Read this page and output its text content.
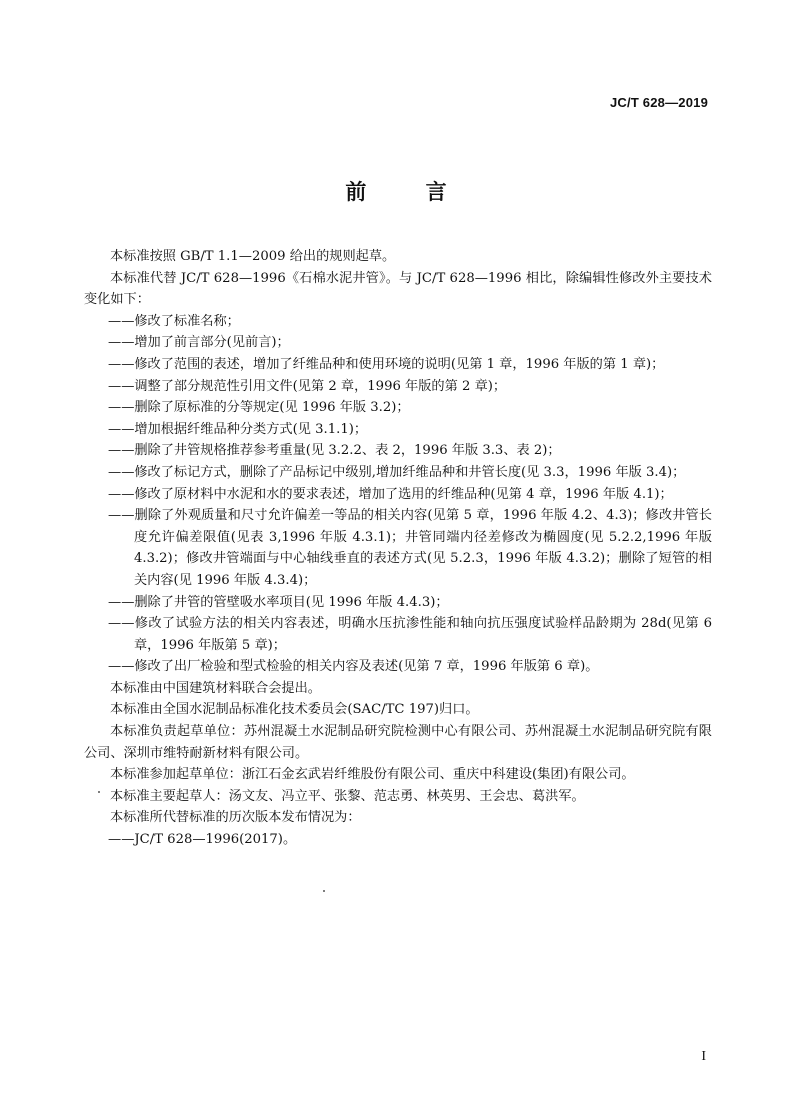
JC/T 628—2019
前 言

本标准按照 GB/T 1.1—2009 给出的规则起草。

本标准代替 JC/T 628—1996《石棉水泥井管》。与 JC/T 628—1996 相比，除编辑性修改外主要技术变化如下：

——修改了标准名称；

——增加了前言部分(见前言)；

——修改了范围的表述，增加了纤维品种和使用环境的说明(见第 1 章，1996 年版的第 1 章)；

——调整了部分规范性引用文件(见第 2 章，1996 年版的第 2 章)；

——删除了原标准的分等规定(见 1996 年版 3.2)；

——增加根据纤维品种分类方式(见 3.1.1)；

——删除了井管规格推荐参考重量(见 3.2.2、表 2，1996 年版 3.3、表 2)；

——修改了标记方式，删除了产品标记中级别,增加纤维品种和井管长度(见 3.3，1996 年版 3.4)；

——修改了原材料中水泥和水的要求表述，增加了选用的纤维品种(见第 4 章，1996 年版 4.1)；

——删除了外观质量和尺寸允许偏差一等品的相关内容(见第 5 章，1996 年版 4.2、4.3)；修改井管长度允许偏差限值(见表 3,1996 年版 4.3.1)；井管同端内径差修改为椭圆度(见 5.2.2,1996 年版 4.3.2)；修改井管端面与中心轴线垂直的表述方式(见 5.2.3，1996 年版 4.3.2)；删除了短管的相关内容(见 1996 年版 4.3.4)；

——删除了井管的管壁吸水率项目(见 1996 年版 4.4.3)；

——修改了试验方法的相关内容表述，明确水压抗渗性能和轴向抗压强度试验样品龄期为 28d(见第 6 章，1996 年版第 5 章)；

——修改了出厂检验和型式检验的相关内容及表述(见第 7 章，1996 年版第 6 章)。

本标准由中国建筑材料联合会提出。

本标准由全国水泥制品标准化技术委员会(SAC/TC 197)归口。

本标准负责起草单位：苏州混凝土水泥制品研究院检测中心有限公司、苏州混凝土水泥制品研究院有限公司、深圳市维特耐新材料有限公司。

本标准参加起草单位：浙江石金玄武岩纤维股份有限公司、重庆中科建设(集团)有限公司。

本标准主要起草人：汤文友、冯立平、张黎、范志勇、林英男、王会忠、葛洪军。

本标准所代替标准的历次版本发布情况为：

——JC/T 628—1996(2017)。

I
